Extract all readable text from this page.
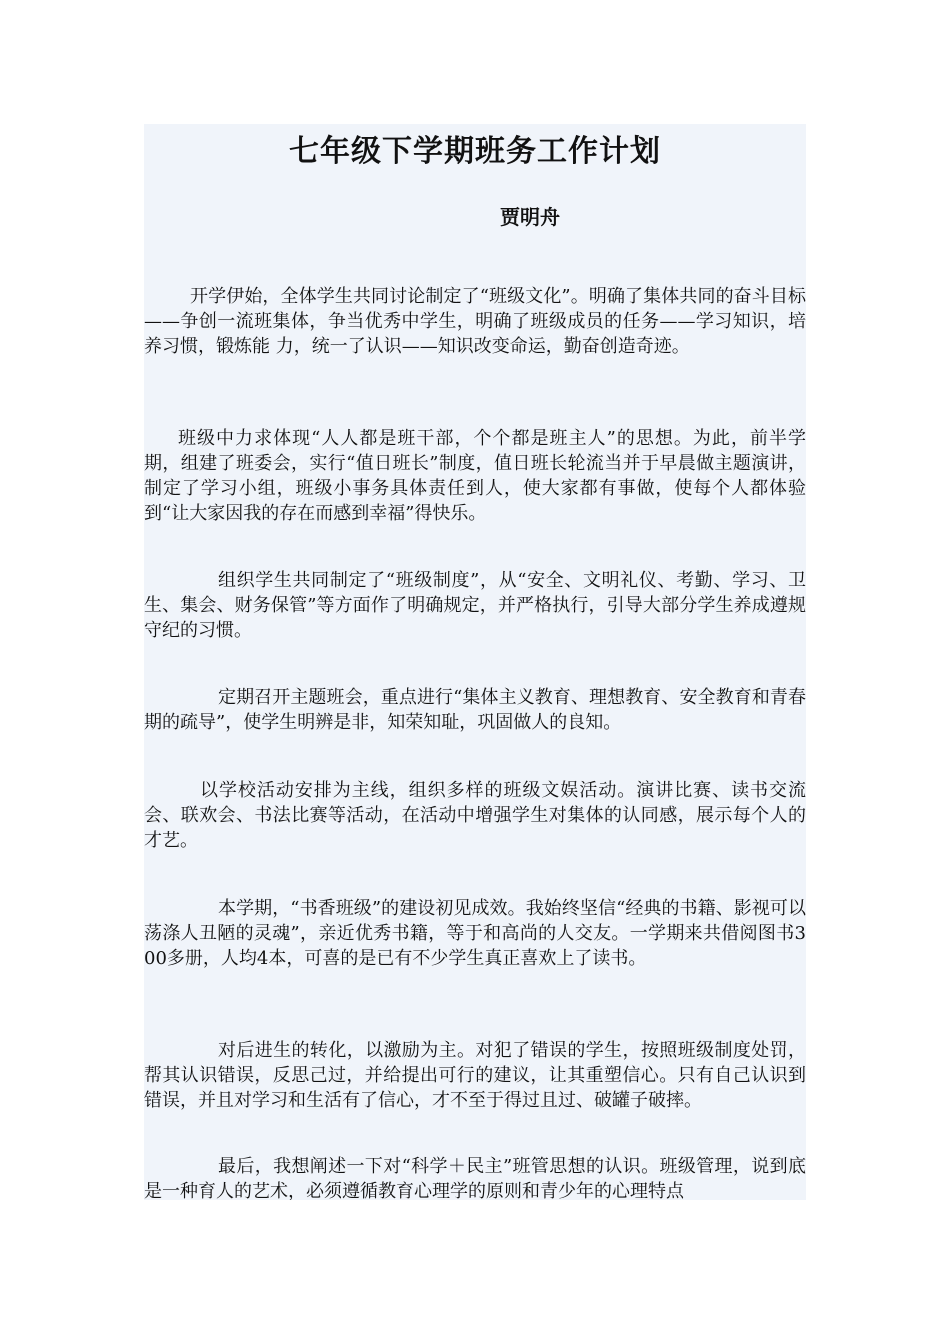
七年级下学期班务工作计划
贾明舟

开学伊始，全体学生共同讨论制定了“班级文化”。明确了集体共同的奋斗目标——争创一流班集体，争当优秀中学生，明确了班级成员的任务——学习知识，培养习惯，锻炼能 力，统一了认识——知识改变命运，勤奋创造奇迹。

班级中力求体现“人人都是班干部，个个都是班主人”的思想。为此，前半学期，组建了班委会，实行“值日班长”制度，值日班长轮流当并于早晨做主题演讲，制定了学习小组，班级小事务具体责任到人，使大家都有事做，使每个人都体验到“让大家因我的存在而感到幸福”得快乐。

组织学生共同制定了“班级制度”，从“安全、文明礼仪、考勤、学习、卫生、集会、财务保管”等方面作了明确规定，并严格执行，引导大部分学生养成遵规守纪的习惯。

定期召开主题班会，重点进行“集体主义教育、理想教育、安全教育和青春期的疏导”，使学生明辨是非，知荣知耻，巩固做人的良知。

以学校活动安排为主线，组织多样的班级文娱活动。演讲比赛、读书交流会、联欢会、书法比赛等活动，在活动中增强学生对集体的认同感，展示每个人的才艺。

本学期，“书香班级”的建设初见成效。我始终坚信“经典的书籍、影视可以荡涤人丑陋的灵魂”，亲近优秀书籍，等于和高尚的人交友。一学期来共借阅图书300多册，人均4本，可喜的是已有不少学生真正喜欢上了读书。

对后进生的转化，以激励为主。对犯了错误的学生，按照班级制度处罚，帮其认识错误，反思己过，并给提出可行的建议，让其重塑信心。只有自己认识到错误，并且对学习和生活有了信心，才不至于得过且过、破罐子破摔。

最后，我想阐述一下对“科学＋民主”班管思想的认识。班级管理，说到底是一种育人的艺术，必须遵循教育心理学的原则和青少年的心理特点
